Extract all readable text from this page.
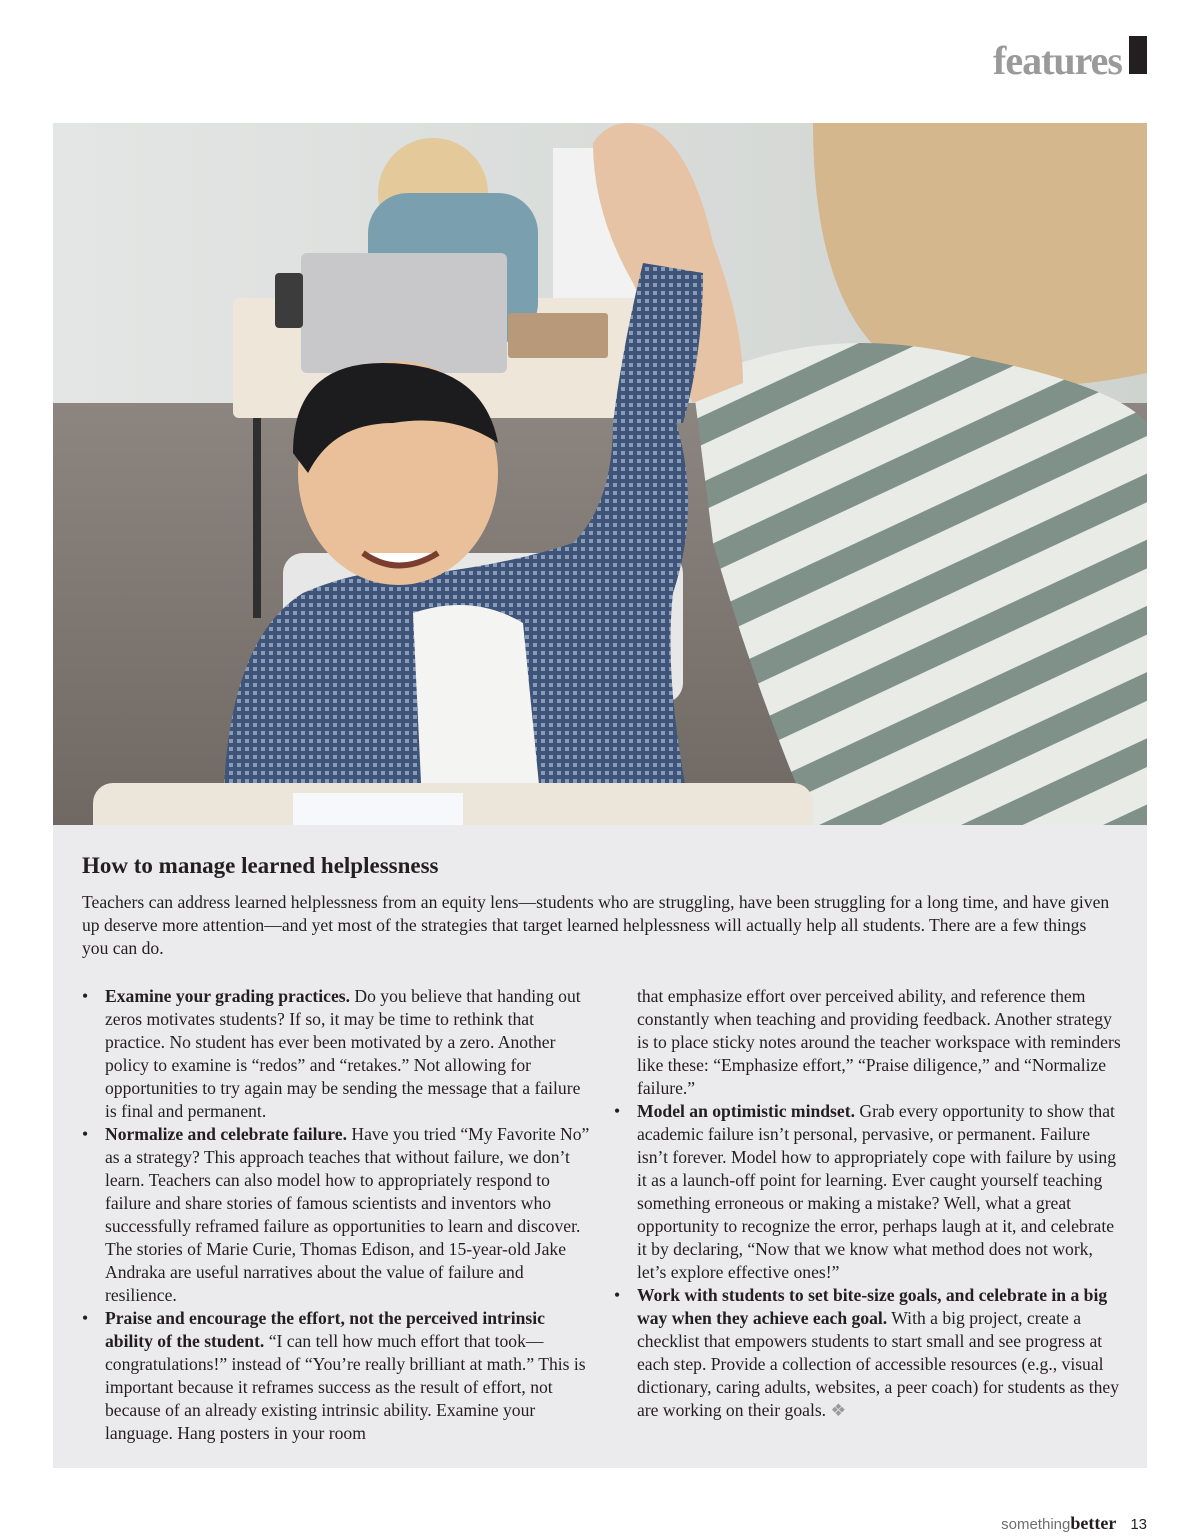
features
How to manage learned helplessness

Teachers can address learned helplessness from an equity lens—students who are struggling, have been struggling for a long time, and have given up deserve more attention—and yet most of the strategies that target learned helplessness will actually help all students. There are a few things you can do.

• Examine your grading practices. Do you believe that handing out zeros motivates students? If so, it may be time to rethink that practice. No student has ever been motivated by a zero. Another policy to examine is “redos” and “retakes.” Not allowing for opportunities to try again may be sending the message that a failure is final and permanent.
• Normalize and celebrate failure. Have you tried “My Favorite No” as a strategy? This approach teaches that without failure, we don’t learn. Teachers can also model how to appropriately respond to failure and share stories of famous scientists and inventors who successfully reframed failure as opportunities to learn and discover. The stories of Marie Curie, Thomas Edison, and 15-year-old Jake Andraka are useful narratives about the value of failure and resilience.
• Praise and encourage the effort, not the perceived intrinsic ability of the student. “I can tell how much effort that took—congratulations!” instead of “You’re really brilliant at math.” This is important because it reframes success as the result of effort, not because of an already existing intrinsic ability. Examine your language. Hang posters in your room
that emphasize effort over perceived ability, and reference them constantly when teaching and providing feedback. Another strategy is to place sticky notes around the teacher workspace with reminders like these: “Emphasize effort,” “Praise diligence,” and “Normalize failure.”
• Model an optimistic mindset. Grab every opportunity to show that academic failure isn’t personal, pervasive, or permanent. Failure isn’t forever. Model how to appropriately cope with failure by using it as a launch-off point for learning. Ever caught yourself teaching something erroneous or making a mistake? Well, what a great opportunity to recognize the error, perhaps laugh at it, and celebrate it by declaring, “Now that we know what method does not work, let’s explore effective ones!”
• Work with students to set bite-size goals, and celebrate in a big way when they achieve each goal. With a big project, create a checklist that empowers students to start small and see progress at each step. Provide a collection of accessible resources (e.g., visual dictionary, caring adults, websites, a peer coach) for students as they are working on their goals. ❖
somethingbetter 13
